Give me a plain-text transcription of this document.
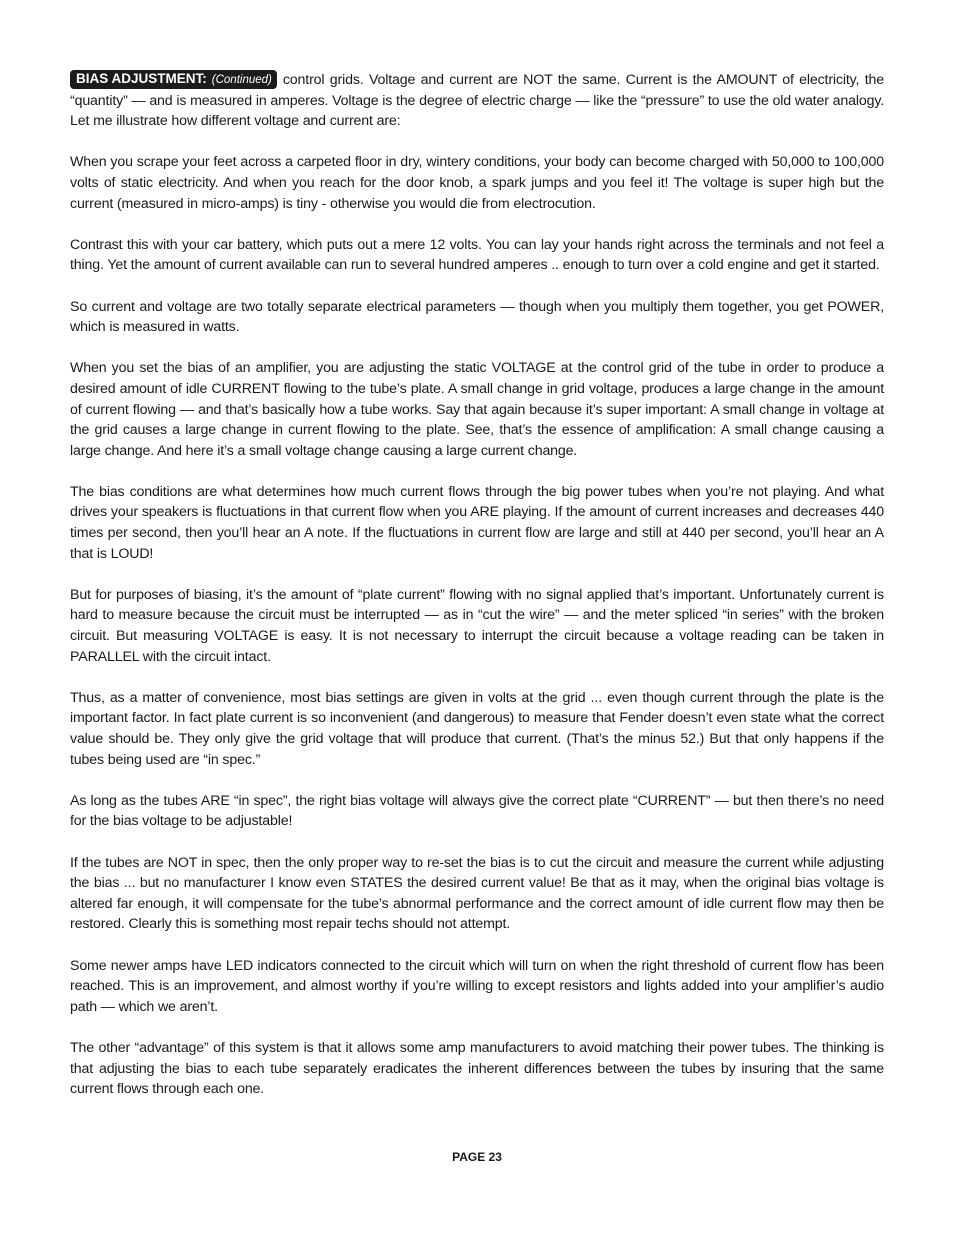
BIAS ADJUSTMENT: (Continued) control grids. Voltage and current are NOT the same. Current is the AMOUNT of electricity, the “quantity” — and is measured in amperes. Voltage is the degree of electric charge — like the “pressure” to use the old water analogy. Let me illustrate how different voltage and current are:

When you scrape your feet across a carpeted floor in dry, wintery conditions, your body can become charged with 50,000 to 100,000 volts of static electricity. And when you reach for the door knob, a spark jumps and you feel it! The voltage is super high but the current (measured in micro-amps) is tiny - otherwise you would die from electrocution.

Contrast this with your car battery, which puts out a mere 12 volts. You can lay your hands right across the terminals and not feel a thing. Yet the amount of current available can run to several hundred amperes .. enough to turn over a cold engine and get it started.

So current and voltage are two totally separate electrical parameters — though when you multiply them together, you get POWER, which is measured in watts.

When you set the bias of an amplifier, you are adjusting the static VOLTAGE at the control grid of the tube in order to produce a desired amount of idle CURRENT flowing to the tube’s plate. A small change in grid voltage, produces a large change in the amount of current flowing — and that’s basically how a tube works. Say that again because it’s super important: A small change in voltage at the grid causes a large change in current flowing to the plate. See, that’s the essence of amplification: A small change causing a large change. And here it’s a small voltage change causing a large current change.

The bias conditions are what determines how much current flows through the big power tubes when you’re not playing. And what drives your speakers is fluctuations in that current flow when you ARE playing. If the amount of current increases and decreases 440 times per second, then you’ll hear an A note. If the fluctuations in current flow are large and still at 440 per second, you’ll hear an A that is LOUD!

But for purposes of biasing, it’s the amount of “plate current” flowing with no signal applied that’s important. Unfortunately current is hard to measure because the circuit must be interrupted — as in “cut the wire” — and the meter spliced “in series” with the broken circuit. But measuring VOLTAGE is easy. It is not necessary to interrupt the circuit because a voltage reading can be taken in PARALLEL with the circuit intact.

Thus, as a matter of convenience, most bias settings are given in volts at the grid ... even though current through the plate is the important factor. In fact plate current is so inconvenient (and dangerous) to measure that Fender doesn’t even state what the correct value should be. They only give the grid voltage that will produce that current. (That’s the minus 52.) But that only happens if the tubes being used are “in spec.”

As long as the tubes ARE “in spec”, the right bias voltage will always give the correct plate “CURRENT” — but then there’s no need for the bias voltage to be adjustable!

If the tubes are NOT in spec, then the only proper way to re-set the bias is to cut the circuit and measure the current while adjusting the bias ... but no manufacturer I know even STATES the desired current value! Be that as it may, when the original bias voltage is altered far enough, it will compensate for the tube’s abnormal performance and the correct amount of idle current flow may then be restored. Clearly this is something most repair techs should not attempt.

Some newer amps have LED indicators connected to the circuit which will turn on when the right threshold of current flow has been reached. This is an improvement, and almost worthy if you’re willing to except resistors and lights added into your amplifier’s audio path — which we aren’t.

The other “advantage” of this system is that it allows some amp manufacturers to avoid matching their power tubes. The thinking is that adjusting the bias to each tube separately eradicates the inherent differences between the tubes by insuring that the same current flows through each one.

PAGE 23
